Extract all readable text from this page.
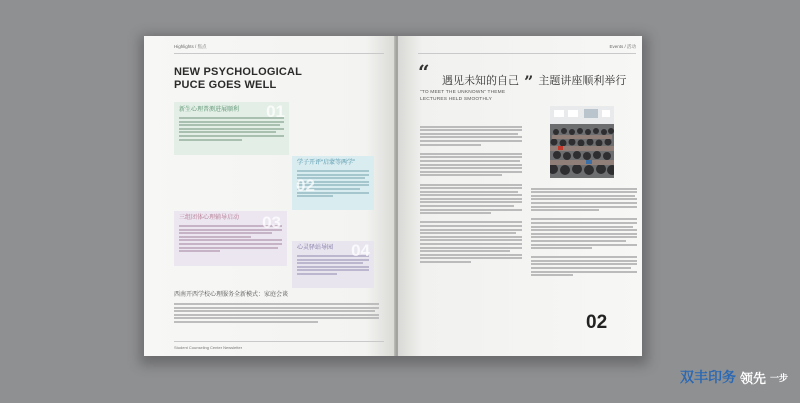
Highlights / 焦点
NEW PSYCHOLOGICAL
PUCE GOES WELL
01
新生心理普测进展顺利
02
学子开评“启蒙等两学”
03
三组团体心理辅导启动
04
心灵驿站导园
西南开西学校心理服务全新模式：家庭会谈
Student Counseling Center Newsletter
Events / 活动
“ 遇见未知的自己 ” 主题讲座顺利举行
“TO MEET THE UNKNOWN” THEME
LECTURES HELD SMOOTHLY
02
双丰印务 领先 一步
